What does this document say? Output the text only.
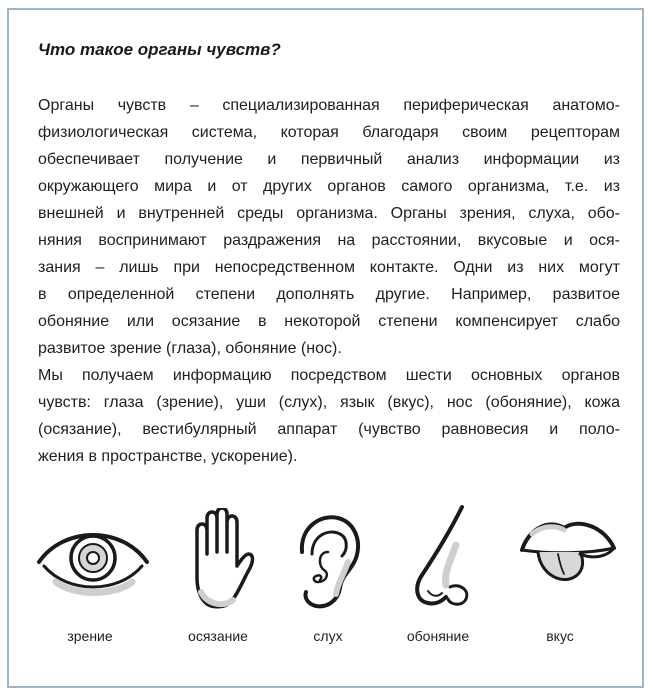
Что такое органы чувств?
Органы чувств – специализированная периферическая анатомо-
физиологическая система, которая благодаря своим рецепторам
обеспечивает получение и первичный анализ информации из
окружающего мира и от других органов самого организма, т.е. из
внешней и внутренней среды организма. Органы зрения, слуха, обо-
няния воспринимают раздражения на расстоянии, вкусовые и ося-
зания – лишь при непосредственном контакте. Одни из них могут
в определенной степени дополнять другие. Например, развитое
обоняние или осязание в некоторой степени компенсирует слабо
развитое зрение (глаза), обоняние (нос).
Мы получаем информацию посредством шести основных органов
чувств: глаза (зрение), уши (слух), язык (вкус), нос (обоняние), кожа
(осязание), вестибулярный аппарат (чувство равновесия и поло-
жения в пространстве, ускорение).
зрение	осязание	слух	обоняние	вкус
